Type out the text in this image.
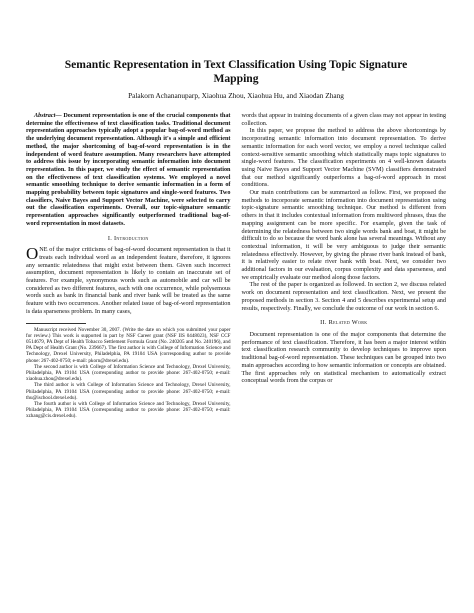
Semantic Representation in Text Classification Using Topic Signature Mapping
Palakorn Achananuparp, Xiaohua Zhou, Xiaohua Hu, and Xiaodan Zhang

Abstract— Document representation is one of the crucial components that determine the effectiveness of text classification tasks. Traditional document representation approaches typically adopt a popular bag-of-word method as the underlying document representation. Although it's a simple and efficient method, the major shortcoming of bag-of-word representation is in the independent of word feature assumption. Many researchers have attempted to address this issue by incorporating semantic information into document representation. In this paper, we study the effect of semantic representation on the effectiveness of text classification systems. We employed a novel semantic smoothing technique to derive semantic information in a form of mapping probability between topic signatures and single-word features. Two classifiers, Naive Bayes and Support Vector Machine, were selected to carry out the classification experiments. Overall, our topic-signature semantic representation approaches significantly outperformed traditional bag-of-word representation in most datasets.

I. Introduction

ONE of the major criticisms of bag-of-word document representation is that it treats each individual word as an independent feature, therefore, it ignores any semantic relatedness that might exist between them. Given such incorrect assumption, document representation is likely to contain an inaccurate set of features. For example, synonymous words such as automobile and car will be considered as two different features, each with one occurrence, while polysemous words such as bank in financial bank and river bank will be treated as the same feature with two occurrences. Another related issue of bag-of-word representation is data sparseness problem. In many cases,

Manuscript received November 30, 2007. (Write the date on which you submitted your paper for review.) This work is supported in part by NSF Career grant (NSF IIS 0448023), NSF CCF 0514679, PA Dept of Health Tobacco Settlement Formula Grant (No. 240205 and No. 240196), and PA Dept of Health Grant (No. 239667). The first author is with College of Information Science and Technology, Drexel University, Philadelphia, PA 19104 USA (corresponding author to provide phone: 267-402-0750; e-mail: pkorn@drexel.edu).

The second author is with College of Information Science and Technology, Drexel University, Philadelphia, PA 19104 USA (corresponding author to provide phone: 267-402-0750; e-mail: xiaohua.zhou@drexel.edu).

The third author is with College of Information Science and Technology, Drexel University, Philadelphia, PA 19104 USA (corresponding author to provide phone: 267-402-0750; e-mail: thu@ischool.drexel.edu).

The fourth author is with College of Information Science and Technology, Drexel University, Philadelphia, PA 19104 USA (corresponding author to provide phone: 267-402-0750; e-mail: xzhang@cis.drexel.edu).

words that appear in training documents of a given class may not appear in testing collection.

In this paper, we propose the method to address the above shortcomings by incorporating semantic information into document representation. To derive semantic information for each word vector, we employ a novel technique called context-sensitive semantic smoothing which statistically maps topic signatures to single-word features. The classification experiments on 4 well-known datasets using Naive Bayes and Support Vector Machine (SVM) classifiers demonstrated that our method significantly outperforms a bag-of-word approach in most conditions.

Our main contributions can be summarized as follow. First, we proposed the methods to incorporate semantic information into document representation using topic-signature semantic smoothing technique. Our method is different from others in that it includes contextual information from multiword phrases, thus the mapping assignment can be more specific. For example, given the task of determining the relatedness between two single words bank and boat, it might be difficult to do so because the word bank alone has several meanings. Without any contextual information, it will be very ambiguous to judge their semantic relatedness effectively. However, by giving the phrase river bank instead of bank, it is relatively easier to relate river bank with boat. Next, we consider two additional factors in our evaluation, corpus complexity and data sparseness, and we empirically evaluate our method along those factors.

The rest of the paper is organized as followed. In section 2, we discuss related work on document representation and text classification. Next, we present the proposed methods in section 3. Section 4 and 5 describes experimental setup and results, respectively. Finally, we conclude the outcome of our work in section 6.

II. Related Work

Document representation is one of the major components that determine the performance of text classification. Therefore, it has been a major interest within text classification research community to develop techniques to improve upon traditional bag-of-word representation. These techniques can be grouped into two main approaches according to how semantic information or concepts are obtained. The first approaches rely on statistical mechanism to automatically extract conceptual words from the corpus or
